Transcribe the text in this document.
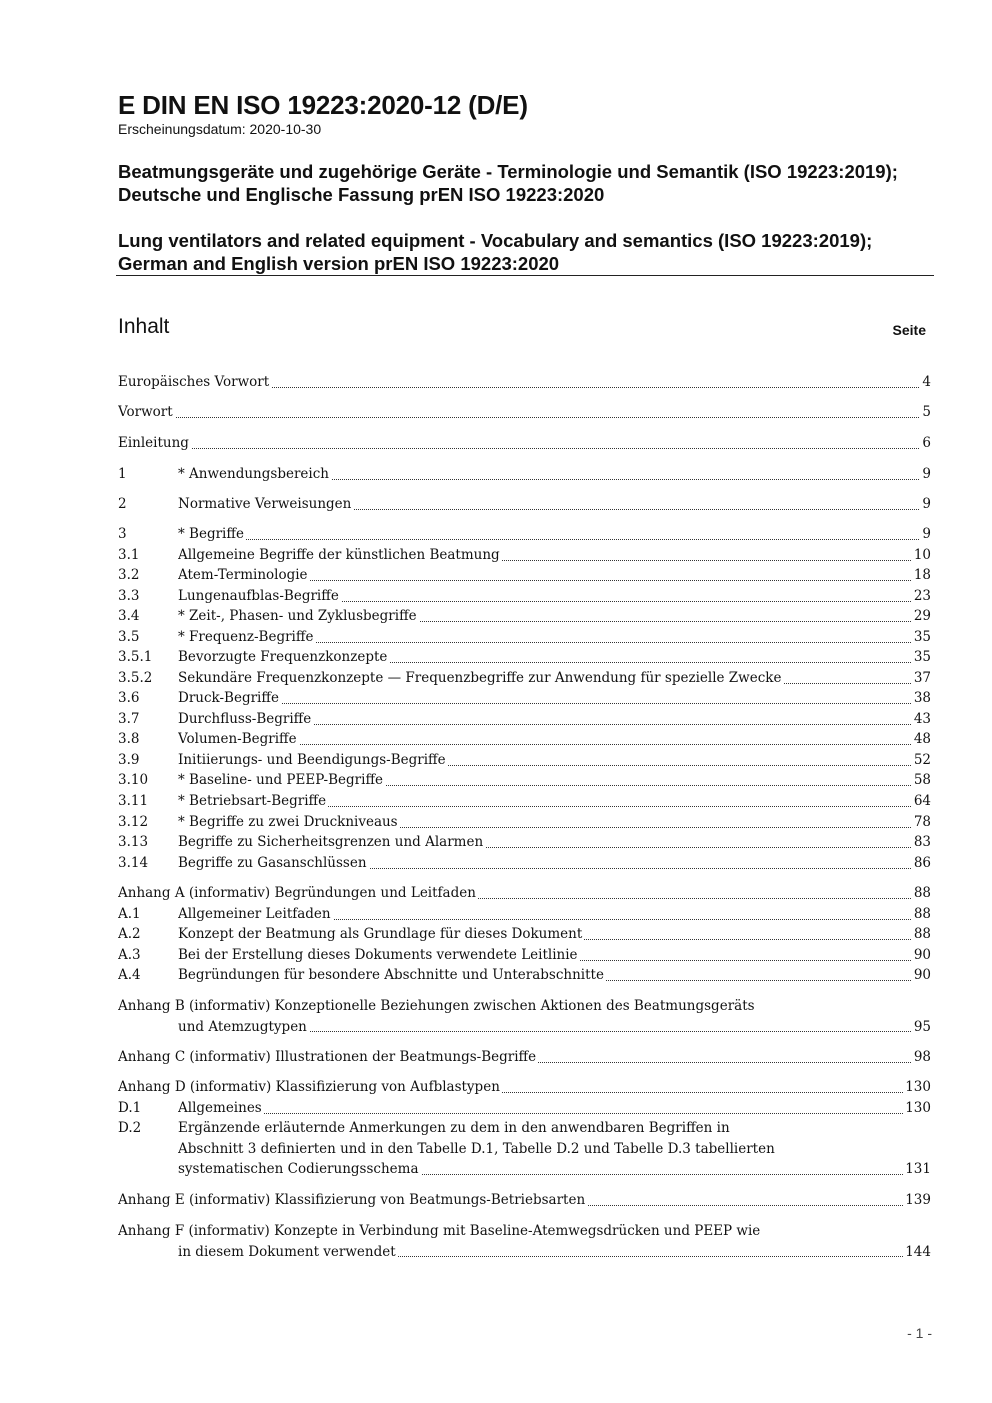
E DIN EN ISO 19223:2020-12 (D/E)
Erscheinungsdatum: 2020-10-30
Beatmungsgeräte und zugehörige Geräte - Terminologie und Semantik (ISO 19223:2019); Deutsche und Englische Fassung prEN ISO 19223:2020
Lung ventilators and related equipment - Vocabulary and semantics (ISO 19223:2019); German and English version prEN ISO 19223:2020
Inhalt	Seite
Europäisches Vorwort	4
Vorwort	5
Einleitung	6
1	* Anwendungsbereich	9
2	Normative Verweisungen	9
3	* Begriffe	9
3.1	Allgemeine Begriffe der künstlichen Beatmung	10
3.2	Atem-Terminologie	18
3.3	Lungenaufblas-Begriffe	23
3.4	* Zeit-, Phasen- und Zyklusbegriffe	29
3.5	* Frequenz-Begriffe	35
3.5.1 Bevorzugte Frequenzkonzepte	35
3.5.2 Sekundäre Frequenzkonzepte — Frequenzbegriffe zur Anwendung für spezielle Zwecke	37
3.6	Druck-Begriffe	38
3.7	Durchfluss-Begriffe	43
3.8	Volumen-Begriffe	48
3.9	Initiierungs- und Beendigungs-Begriffe	52
3.10 * Baseline- und PEEP-Begriffe	58
3.11 * Betriebsart-Begriffe	64
3.12 * Begriffe zu zwei Druckniveaus	78
3.13 Begriffe zu Sicherheitsgrenzen und Alarmen	83
3.14 Begriffe zu Gasanschlüssen	86
Anhang A (informativ) Begründungen und Leitfaden	88
A.1	Allgemeiner Leitfaden	88
A.2	Konzept der Beatmung als Grundlage für dieses Dokument	88
A.3	Bei der Erstellung dieses Dokuments verwendete Leitlinie	90
A.4	Begründungen für besondere Abschnitte und Unterabschnitte	90
Anhang B (informativ) Konzeptionelle Beziehungen zwischen Aktionen des Beatmungsgeräts
und Atemzugtypen	95
Anhang C (informativ) Illustrationen der Beatmungs-Begriffe	98
Anhang D (informativ) Klassifizierung von Aufblastypen	130
D.1	Allgemeines	130
D.2	Ergänzende erläuternde Anmerkungen zu dem in den anwendbaren Begriffen in
Abschnitt 3 definierten und in den Tabelle D.1, Tabelle D.2 und Tabelle D.3 tabellierten
systematischen Codierungsschema	131
Anhang E (informativ) Klassifizierung von Beatmungs-Betriebsarten	139
Anhang F (informativ) Konzepte in Verbindung mit Baseline-Atemwegsdrücken und PEEP wie
in diesem Dokument verwendet	144
- 1 -
